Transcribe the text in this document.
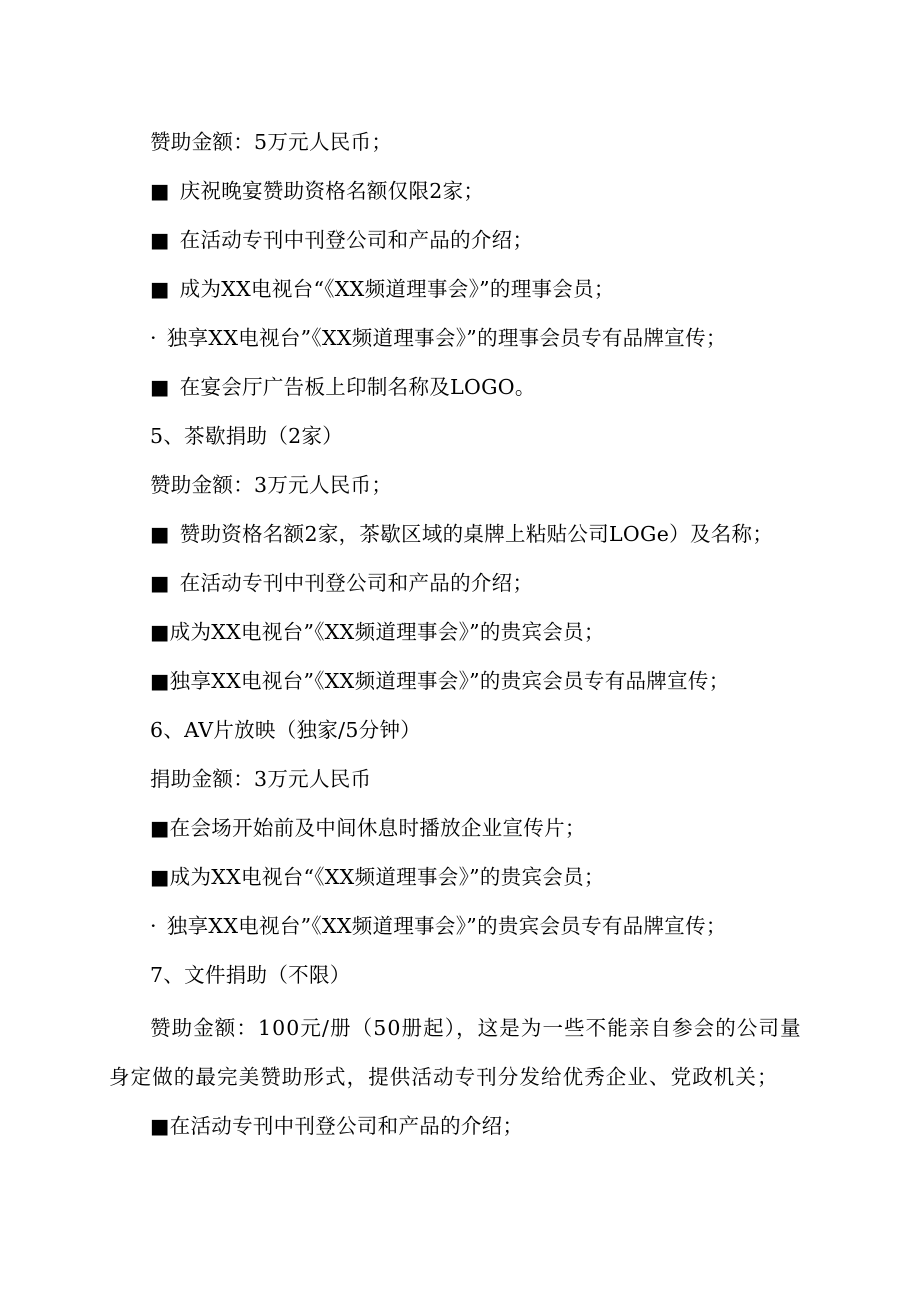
赞助金额：5万元人民币；
■ 庆祝晚宴赞助资格名额仅限2家；
■ 在活动专刊中刊登公司和产品的介绍；
■ 成为XX电视台“《XX频道理事会》”的理事会员；
· 独享XX电视台”《XX频道理事会》”的理事会员专有品牌宣传；
■ 在宴会厅广告板上印制名称及LOGO。
5、茶歇捐助（2家）
赞助金额：3万元人民币；
■ 赞助资格名额2家，茶歇区域的桌牌上粘贴公司LOGe）及名称；
■ 在活动专刊中刊登公司和产品的介绍；
■成为XX电视台”《XX频道理事会》”的贵宾会员；
■独享XX电视台”《XX频道理事会》”的贵宾会员专有品牌宣传；
6、AV片放映（独家/5分钟）
捐助金额：3万元人民币
■在会场开始前及中间休息时播放企业宣传片；
■成为XX电视台“《XX频道理事会》”的贵宾会员；
· 独享XX电视台”《XX频道理事会》”的贵宾会员专有品牌宣传；
7、文件捐助（不限）
赞助金额：100元/册（50册起），这是为一些不能亲自参会的公司量
身定做的最完美赞助形式，提供活动专刊分发给优秀企业、党政机关；
■在活动专刊中刊登公司和产品的介绍；
